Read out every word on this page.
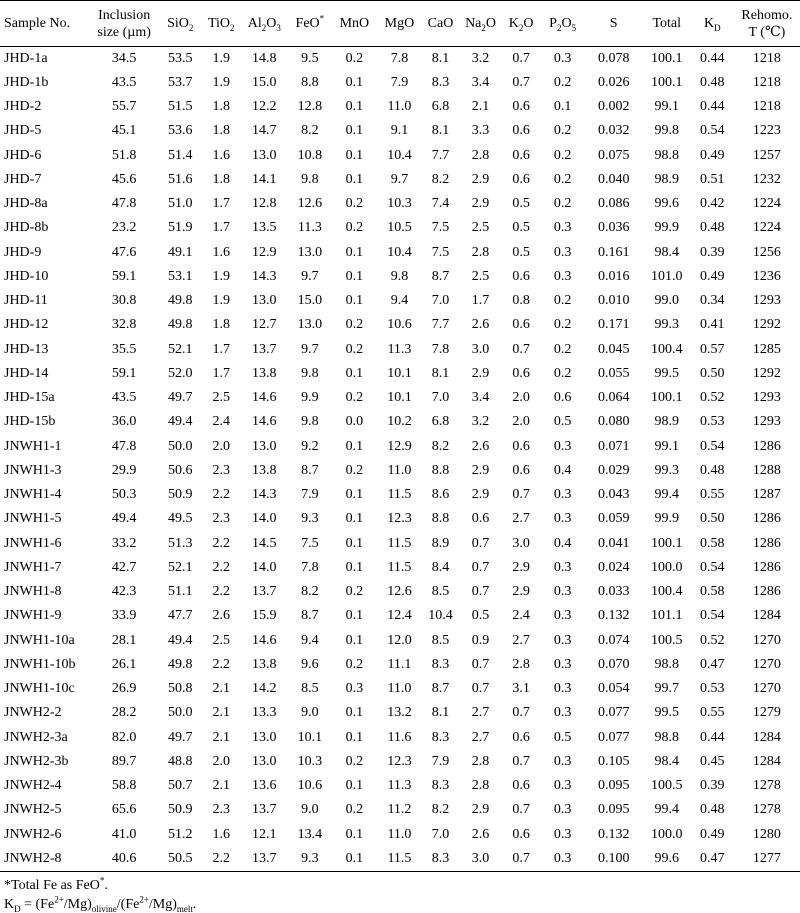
Sample No.	Inclusion
size (µm)	SiO$_2$	TiO$_2$	$Al_2O_3$	FeO*	MnO	MgO	CaO	$Na_2O$	$K_2O$	$P_2O_5$	S	Total	$K_D$	Rehomo.
T (℃)
JHD-1a	34.5	53.5	1.9	14.8	9.5	0.2	7.8	8.1	3.2	0.7	0.3	0.078	100.1	0.44	1218
JHD-1b	43.5	53.7	1.9	15.0	8.8	0.1	7.9	8.3	3.4	0.7	0.2	0.026	100.1	0.48	1218
JHD-2	55.7	51.5	1.8	12.2	12.8	0.1	11.0	6.8	2.1	0.6	0.1	0.002	99.1	0.44	1218
JHD-5	45.1	53.6	1.8	14.7	8.2	0.1	9.1	8.1	3.3	0.6	0.2	0.032	99.8	0.54	1223
JHD-6	51.8	51.4	1.6	13.0	10.8	0.1	10.4	7.7	2.8	0.6	0.2	0.075	98.8	0.49	1257
JHD-7	45.6	51.6	1.8	14.1	9.8	0.1	9.7	8.2	2.9	0.6	0.2	0.040	98.9	0.51	1232
JHD-8a	47.8	51.0	1.7	12.8	12.6	0.2	10.3	7.4	2.9	0.5	0.2	0.086	99.6	0.42	1224
JHD-8b	23.2	51.9	1.7	13.5	11.3	0.2	10.5	7.5	2.5	0.5	0.3	0.036	99.9	0.48	1224
JHD-9	47.6	49.1	1.6	12.9	13.0	0.1	10.4	7.5	2.8	0.5	0.3	0.161	98.4	0.39	1256
JHD-10	59.1	53.1	1.9	14.3	9.7	0.1	9.8	8.7	2.5	0.6	0.3	0.016	101.0	0.49	1236
JHD-11	30.8	49.8	1.9	13.0	15.0	0.1	9.4	7.0	1.7	0.8	0.2	0.010	99.0	0.34	1293
JHD-12	32.8	49.8	1.8	12.7	13.0	0.2	10.6	7.7	2.6	0.6	0.2	0.171	99.3	0.41	1292
JHD-13	35.5	52.1	1.7	13.7	9.7	0.2	11.3	7.8	3.0	0.7	0.2	0.045	100.4	0.57	1285
JHD-14	59.1	52.0	1.7	13.8	9.8	0.1	10.1	8.1	2.9	0.6	0.2	0.055	99.5	0.50	1292
JHD-15a	43.5	49.7	2.5	14.6	9.9	0.2	10.1	7.0	3.4	2.0	0.6	0.064	100.1	0.52	1293
JHD-15b	36.0	49.4	2.4	14.6	9.8	0.0	10.2	6.8	3.2	2.0	0.5	0.080	98.9	0.53	1293
JNWH1-1	47.8	50.0	2.0	13.0	9.2	0.1	12.9	8.2	2.6	0.6	0.3	0.071	99.1	0.54	1286
JNWH1-3	29.9	50.6	2.3	13.8	8.7	0.2	11.0	8.8	2.9	0.6	0.4	0.029	99.3	0.48	1288
JNWH1-4	50.3	50.9	2.2	14.3	7.9	0.1	11.5	8.6	2.9	0.7	0.3	0.043	99.4	0.55	1287
JNWH1-5	49.4	49.5	2.3	14.0	9.3	0.1	12.3	8.8	0.6	2.7	0.3	0.059	99.9	0.50	1286
JNWH1-6	33.2	51.3	2.2	14.5	7.5	0.1	11.5	8.9	0.7	3.0	0.4	0.041	100.1	0.58	1286
JNWH1-7	42.7	52.1	2.2	14.0	7.8	0.1	11.5	8.4	0.7	2.9	0.3	0.024	100.0	0.54	1286
JNWH1-8	42.3	51.1	2.2	13.7	8.2	0.2	12.6	8.5	0.7	2.9	0.3	0.033	100.4	0.58	1286
JNWH1-9	33.9	47.7	2.6	15.9	8.7	0.1	12.4	10.4	0.5	2.4	0.3	0.132	101.1	0.54	1284
JNWH1-10a	28.1	49.4	2.5	14.6	9.4	0.1	12.0	8.5	0.9	2.7	0.3	0.074	100.5	0.52	1270
JNWH1-10b	26.1	49.8	2.2	13.8	9.6	0.2	11.1	8.3	0.7	2.8	0.3	0.070	98.8	0.47	1270
JNWH1-10c	26.9	50.8	2.1	14.2	8.5	0.3	11.0	8.7	0.7	3.1	0.3	0.054	99.7	0.53	1270
JNWH2-2	28.2	50.0	2.1	13.3	9.0	0.1	13.2	8.1	2.7	0.7	0.3	0.077	99.5	0.55	1279
JNWH2-3a	82.0	49.7	2.1	13.0	10.1	0.1	11.6	8.3	2.7	0.6	0.5	0.077	98.8	0.44	1284
JNWH2-3b	89.7	48.8	2.0	13.0	10.3	0.2	12.3	7.9	2.8	0.7	0.3	0.105	98.4	0.45	1284
JNWH2-4	58.8	50.7	2.1	13.6	10.6	0.1	11.3	8.3	2.8	0.6	0.3	0.095	100.5	0.39	1278
JNWH2-5	65.6	50.9	2.3	13.7	9.0	0.2	11.2	8.2	2.9	0.7	0.3	0.095	99.4	0.48	1278
JNWH2-6	41.0	51.2	1.6	12.1	13.4	0.1	11.0	7.0	2.6	0.6	0.3	0.132	100.0	0.49	1280
JNWH2-8	40.6	50.5	2.2	13.7	9.3	0.1	11.5	8.3	3.0	0.7	0.3	0.100	99.6	0.47	1277
*Total Fe as FeO*.
$K_D = (Fe^{2+}/Mg)_{olivine}/(Fe^{2+}/Mg)_{melt}$.
